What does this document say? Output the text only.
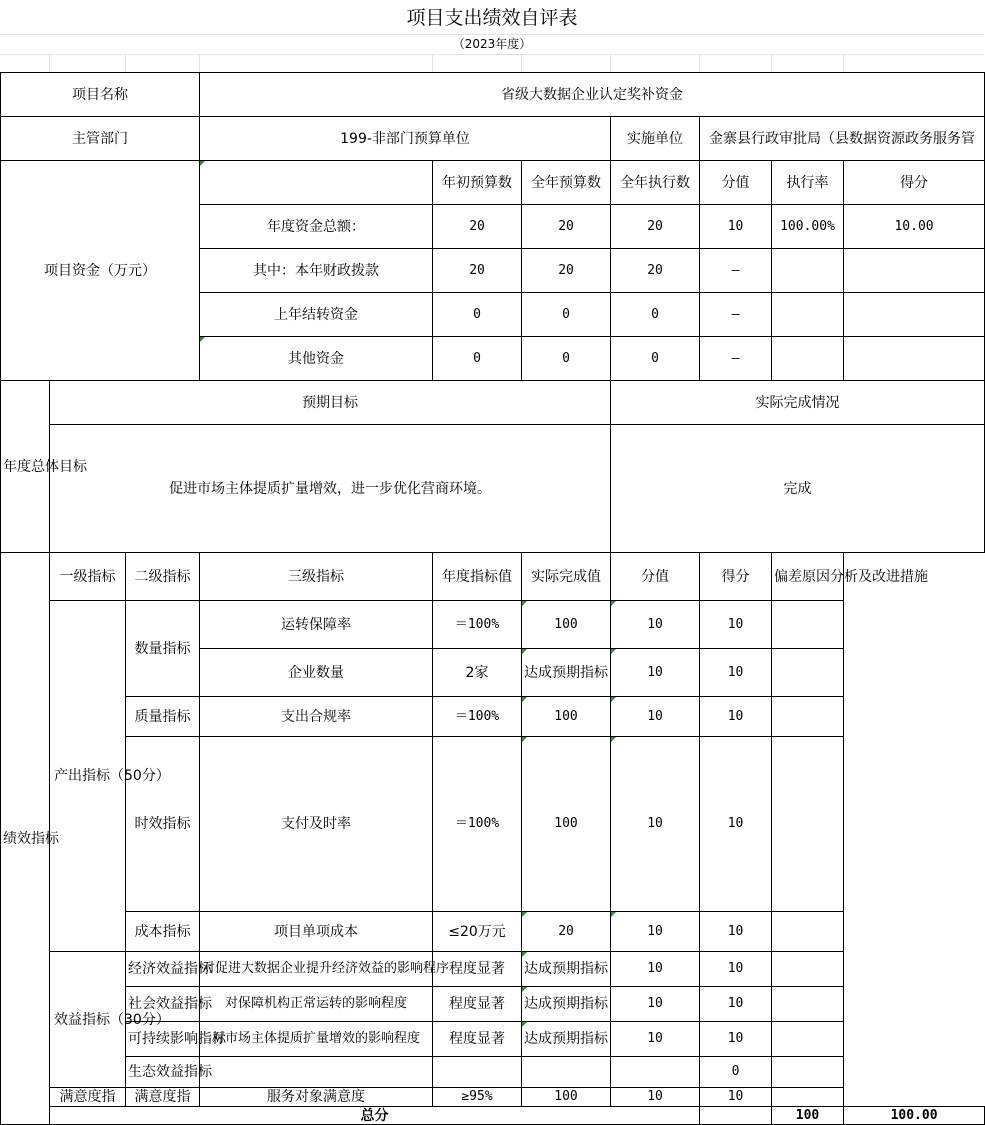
项目支出绩效自评表
（2023年度）
项目名称			省级大数据企业认定奖补资金							
主管部门			199-非部门预算单位			实施单位	金寨县行政审批局（县数据资源政务服务管			
项目资金（万元）				年初预算数	全年预算数	全年执行数	分值	执行率	得分	
			年度资金总额：	20	20	20	10	100.00%	10.00	
			其中：本年财政拨款	20	20	20	—			
			上年结转资金	0	0	0	—			
			其他资金	0	0	0	—			
年度总体目标	预期目标					实际完成情况				
	促进市场主体提质扩量增效，进一步优化营商环境。					完成				
绩效指标	一级指标	二级指标	三级指标	年度指标值	实际完成值	分值	得分	偏差原因分析及改进措施		
	产出指标（50分）	数量指标	运转保障率	＝100%	100	10	10			
			企业数量	2家	达成预期指标	10	10			
		质量指标	支出合规率	＝100%	100	10	10			
		时效指标	支付及时率	＝100%	100	10	10			
		成本指标	项目单项成本	≤20万元	20	10	10			
	效益指标（30分）	经济效益指标	对促进大数据企业提升经济效益的影响程序	程度显著	达成预期指标	10	10			
		社会效益指标	对保障机构正常运转的影响程度	程度显著	达成预期指标	10	10			
		可持续影响指标	对市场主体提质扩量增效的影响程度	程度显著	达成预期指标	10	10			
		生态效益指标					0			
	满意度指	满意度指	服务对象满意度	≥95%	100	10	10			
	总分							100	100.00	
